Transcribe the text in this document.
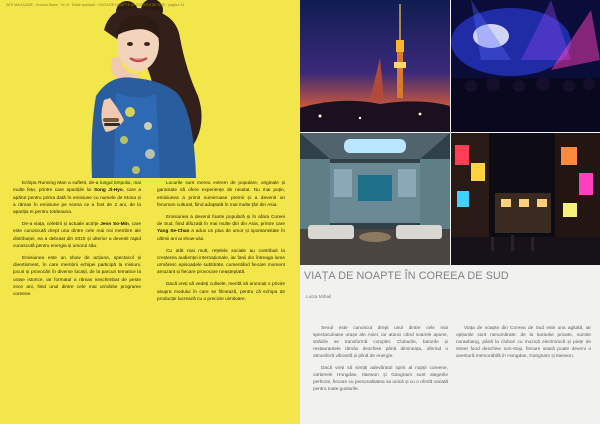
SEE MAGAZINE · Korean Wave · Nr. 8 · Ediție specială · VIAȚA DE NOAPTE ÎN COREEA DE SUD · pagina 24

Echipa Running Man a sufletit, de-a lungul timpului, mai multe fețe, printre care aparițiile lui Song Ji-Hyo, care a apărut pentru prima dată în emisiune cu numele de Mona și a rămas în emisiune pe scena ce a fost de 2 ani, de la apariția ei pentru totdeauna.

De-a viața, celebrii și actuale actrițe Jeon So-Min, care este cunoscută drept una dintre cele mai noi membre ale distribuției, ea a debutat din 2010 și ulterior a devenit rapid cunoscută pentru energia și umorul său.

Emisiunea este un show de acțiune, spectacol și divertisment, în care membrii echipei participă la misiuni, jocuri și provocări în diverse locații, de la parcuri tematice la orașe istorice, iar formatul a rămas neschimbat de peste zece ani, fiind unul dintre cele mai urmărite programe coreene.

Locurile sunt mereu extrem de populare, originale și garantate să ofere experiențe de neuitat. Nu mai puțin, emisiunea a primit numeroase premii și a devenit un fenomen cultural, fiind adaptată în mai multe țări din Asia.

Emisiunea a devenit foarte populară și în afara Coreei de Sud, fiind difuzată în mai multe țări din Asia, printre care Yang Se-Chan a adus un plus de umor și spontaneitate în ultimii ani ai show-ului.

Cu atât mai mult, rețelele sociale au contribuit la creșterea audienței internaționale, iar fanii din întreaga lume urmăresc episoadele subtitrate, comentând fiecare moment amuzant și fiecare provocare neașteptată.

Dacă vreți să vedeți culisele, merită să aruncați o privire asupra modului în care se filmează, pentru că echipa de producție lucrează cu o precizie uimitoare.

VIAȚA DE NOAPTE ÎN COREEA DE SUD
Luiza Mihail

Seoul este cunoscut drept unul dintre cele mai spectaculoase orașe ale Asiei, iar atunci când soarele apune, străzile se transformă complet. Cluburile, barurile și restaurantele rămân deschise până dimineața, oferind o atmosferă vibrantă și plină de energie.

Dacă vreți să simțiți adevăratul spirit al nopții coreene, cartierele Hongdae, Itaewon și Gangnam sunt alegerile perfecte, fiecare cu personalitatea sa unică și cu o ofertă variată pentru toate gusturile.

Viața de noapte din Coreea de Sud este una agitată, iar opțiunile sunt nenumărate: de la karaoke private, numite noraebang, până la cluburi cu muzică electronică și piețe de street food deschise non-stop, fiecare seară poate deveni o aventură memorabilă în Hongdae, Gangnam și Itaewon.
